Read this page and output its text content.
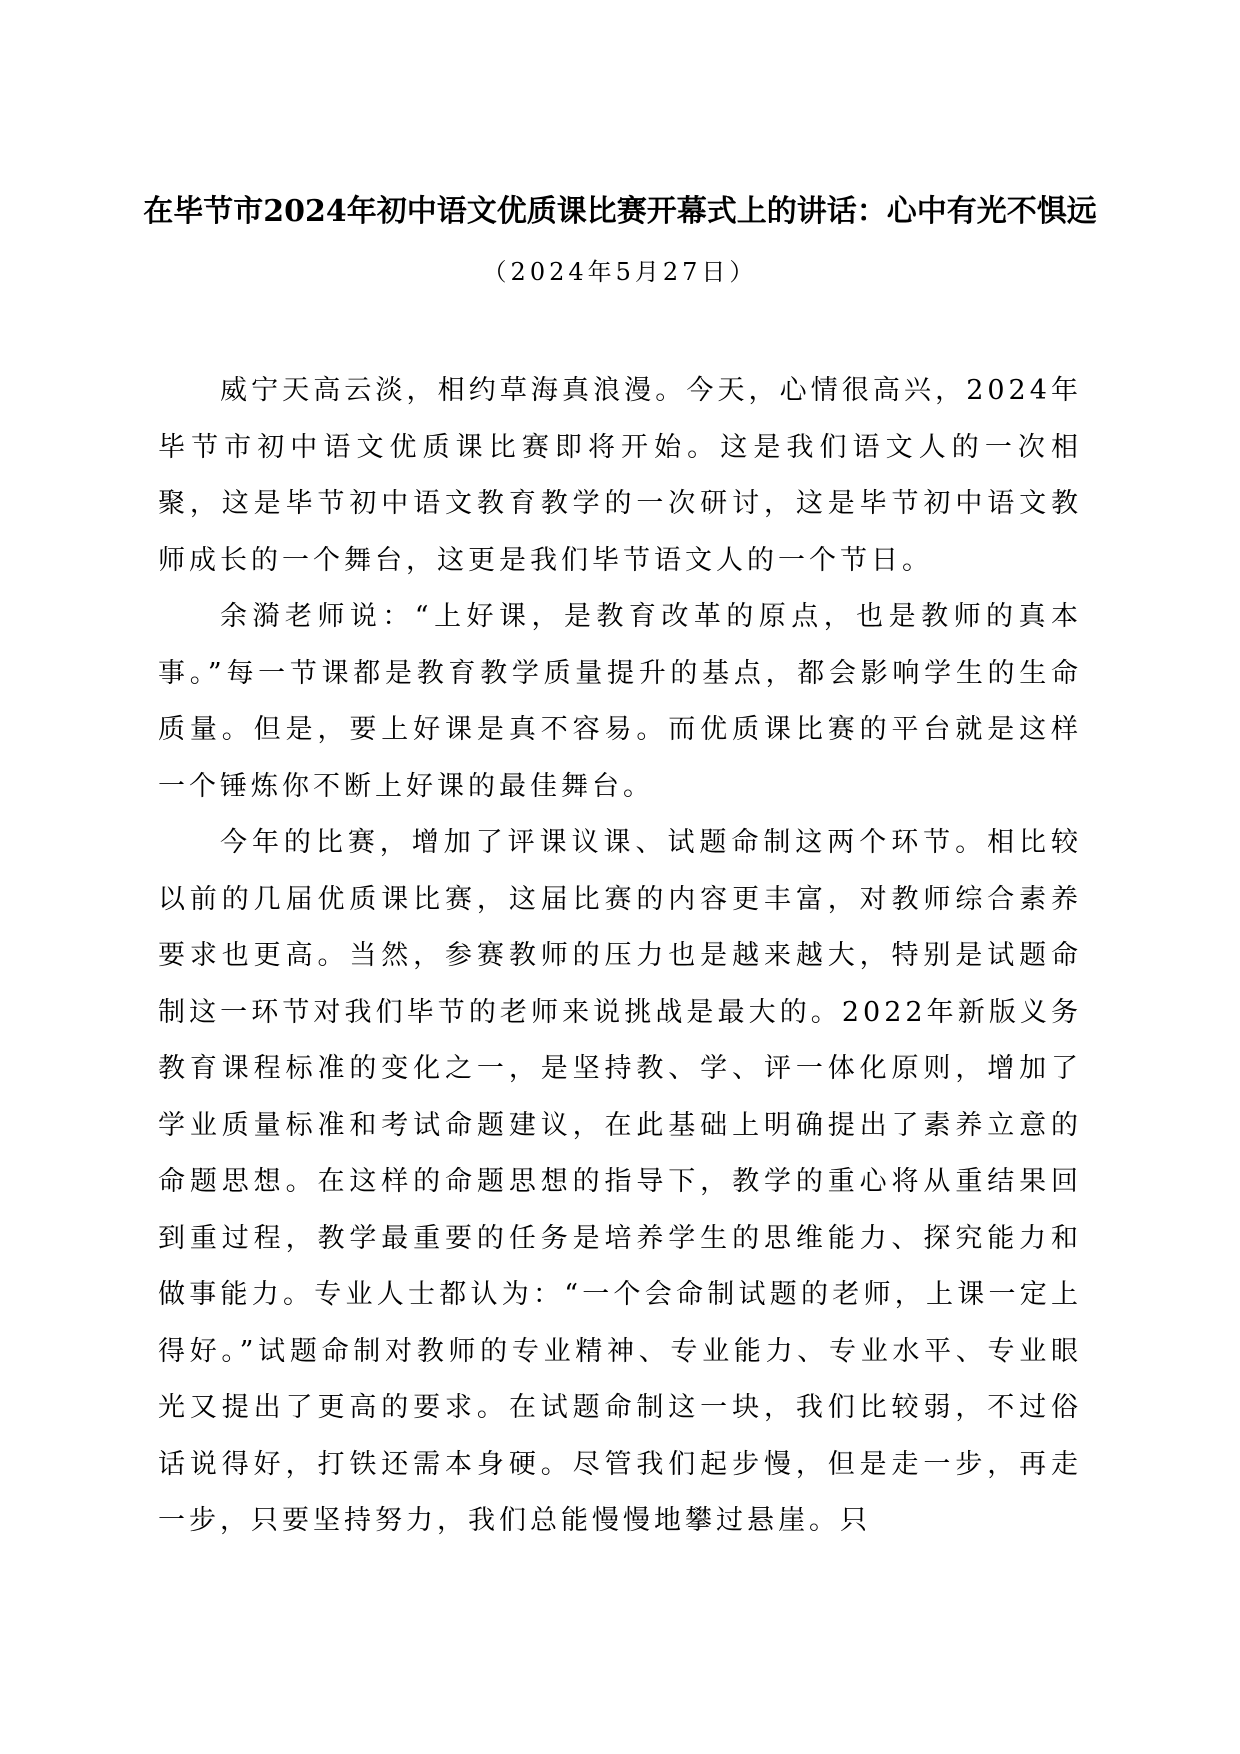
在毕节市2024年初中语文优质课比赛开幕式上的讲话：心中有光不惧远
（2024年5月27日）

威宁天高云淡，相约草海真浪漫。今天，心情很高兴，2024年毕节市初中语文优质课比赛即将开始。这是我们语文人的一次相聚，这是毕节初中语文教育教学的一次研讨，这是毕节初中语文教师成长的一个舞台，这更是我们毕节语文人的一个节日。

余漪老师说：“上好课，是教育改革的原点，也是教师的真本事。”每一节课都是教育教学质量提升的基点，都会影响学生的生命质量。但是，要上好课是真不容易。而优质课比赛的平台就是这样一个锤炼你不断上好课的最佳舞台。

今年的比赛，增加了评课议课、试题命制这两个环节。相比较以前的几届优质课比赛，这届比赛的内容更丰富，对教师综合素养要求也更高。当然，参赛教师的压力也是越来越大，特别是试题命制这一环节对我们毕节的老师来说挑战是最大的。2022年新版义务教育课程标准的变化之一，是坚持教、学、评一体化原则，增加了学业质量标准和考试命题建议，在此基础上明确提出了素养立意的命题思想。在这样的命题思想的指导下，教学的重心将从重结果回到重过程，教学最重要的任务是培养学生的思维能力、探究能力和做事能力。专业人士都认为：“一个会命制试题的老师，上课一定上得好。”试题命制对教师的专业精神、专业能力、专业水平、专业眼光又提出了更高的要求。在试题命制这一块，我们比较弱，不过俗话说得好，打铁还需本身硬。尽管我们起步慢，但是走一步，再走一步，只要坚持努力，我们总能慢慢地攀过悬崖。只
